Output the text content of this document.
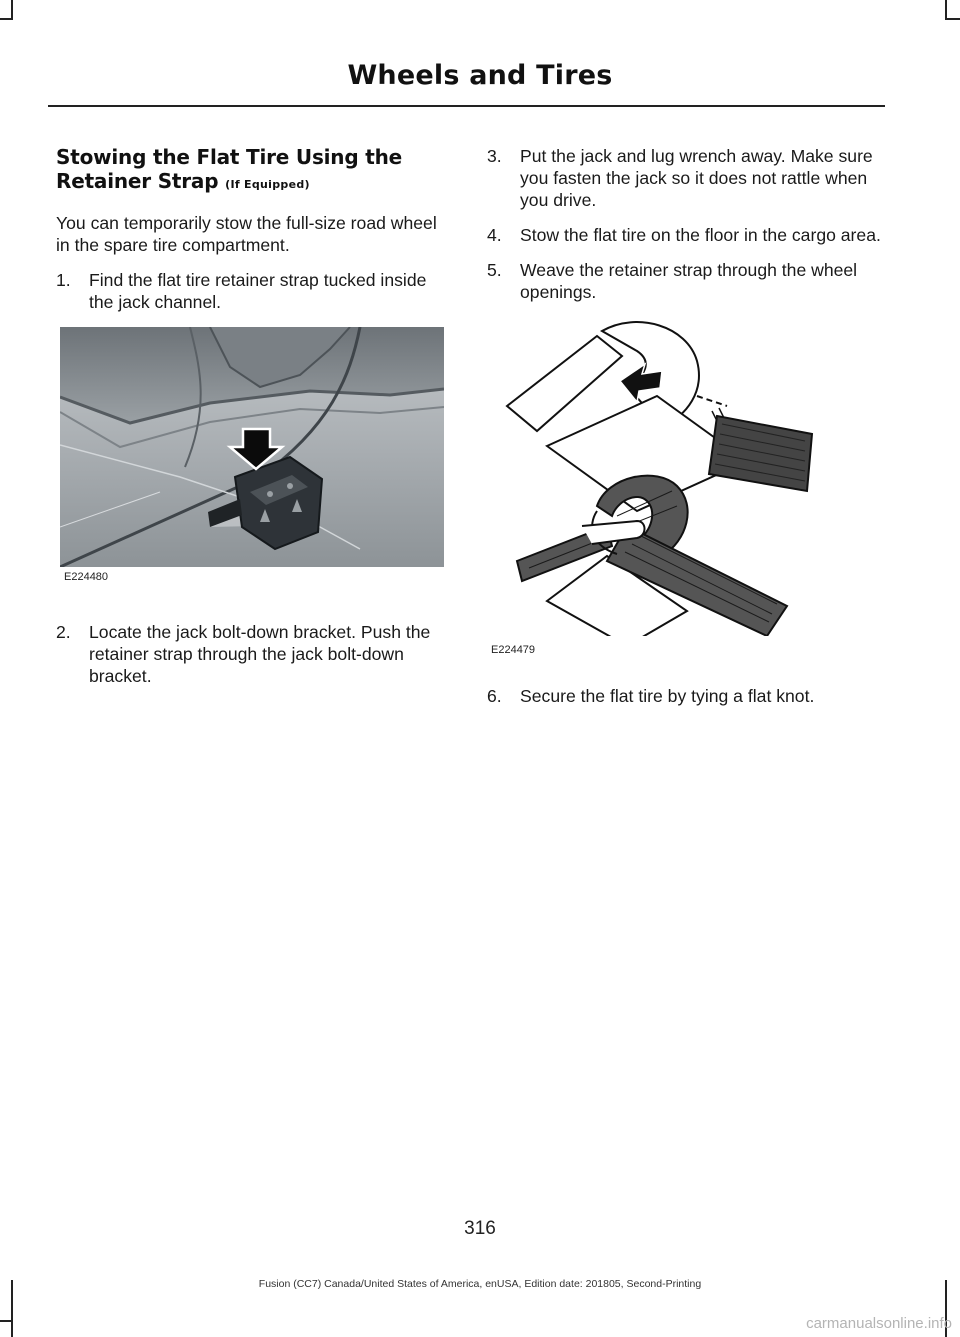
Wheels and Tires
Stowing the Flat Tire Using the Retainer Strap (If Equipped)

You can temporarily stow the full-size road wheel in the spare tire compartment.

1.	Find the flat tire retainer strap tucked inside the jack channel.
E224480
2.	Locate the jack bolt-down bracket. Push the retainer strap through the jack bolt-down bracket.
3.	Put the jack and lug wrench away. Make sure you fasten the jack so it does not rattle when you drive.
4.	Stow the flat tire on the floor in the cargo area.
5.	Weave the retainer strap through the wheel openings.
E224479
6.	Secure the flat tire by tying a flat knot.
316
Fusion (CC7) Canada/United States of America, enUSA, Edition date: 201805, Second-Printing
carmanualsonline.info
